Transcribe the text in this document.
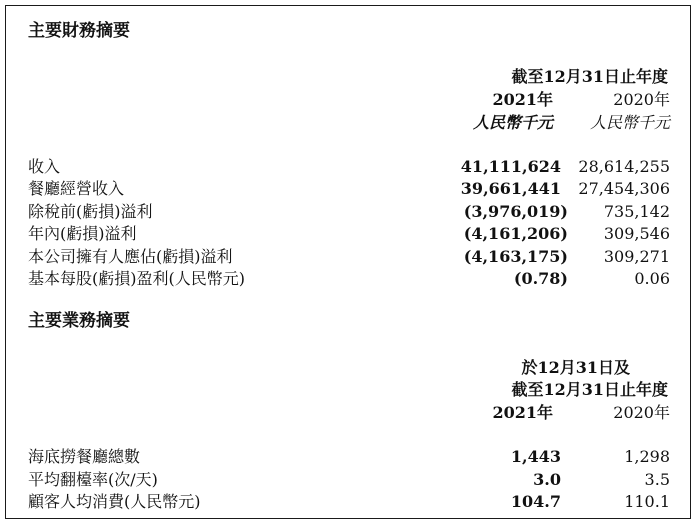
主要財務摘要
截至12月31日止年度
2021年	2020年
人民幣千元 人民幣千元
收入	41,111,624 28,614,255
餐廳經營收入	39,661,441 27,454,306
除稅前(虧損)溢利	(3,976,019) 735,142
年內(虧損)溢利	(4,161,206) 309,546
本公司擁有人應佔(虧損)溢利	(4,163,175) 309,271
基本每股(虧損)盈利(人民幣元)	(0.78)	0.06
主要業務摘要
於12月31日及
截至12月31日止年度
2021年	2020年
海底撈餐廳總數	1,443	1,298
平均翻檯率(次/天)	3.0	3.5
顧客人均消費(人民幣元)	104.7	110.1
